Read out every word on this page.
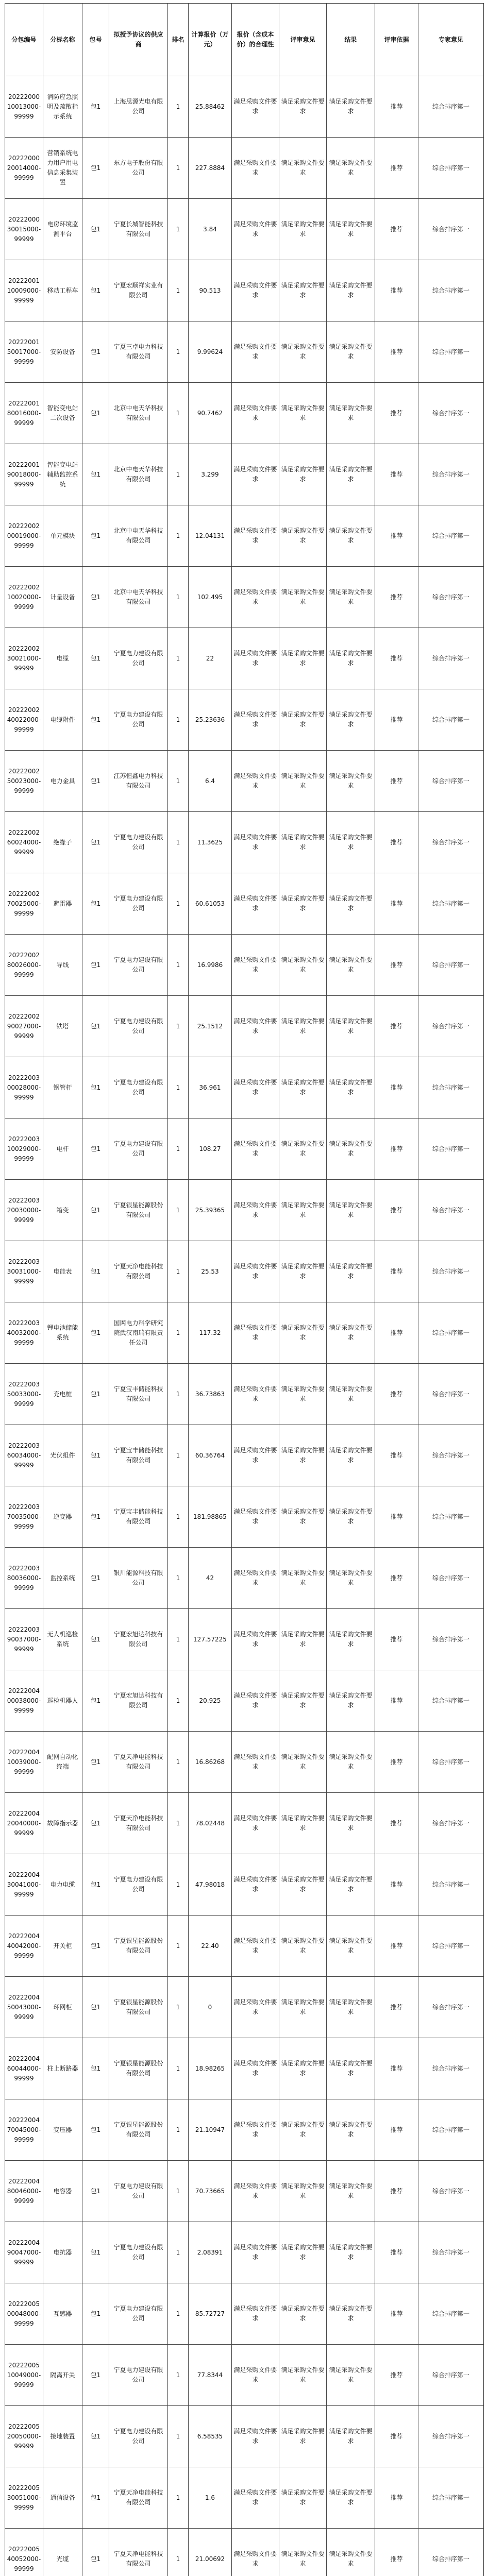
分包编号	分标名称	包号	拟授予协议的供应商	排名	计算报价（万元）	报价（含成本价）的合理性	评审意见	结果	评审依据	专家意见
2022200010013000-99999	消防应急照明及疏散指示系统	包1	上海思源光电有限公司	1	25.88462	满足采购文件要求	满足采购文件要求	满足采购文件要求	推荐	综合排序第一
2022200020014000-99999	营销系统电力用户用电信息采集装置	包1	东方电子股份有限公司	1	227.8884	满足采购文件要求	满足采购文件要求	满足采购文件要求	推荐	综合排序第一
2022200030015000-99999	电房环境监测平台	包1	宁夏长城智能科技有限公司	1	3.84	满足采购文件要求	满足采购文件要求	满足采购文件要求	推荐	综合排序第一
2022200110009000-99999	移动工程车	包1	宁夏宏顺祥实业有限公司	1	90.513	满足采购文件要求	满足采购文件要求	满足采购文件要求	推荐	综合排序第一
2022200150017000-99999	安防设备	包1	宁夏三卓电力科技有限公司	1	9.99624	满足采购文件要求	满足采购文件要求	满足采购文件要求	推荐	综合排序第一
2022200180016000-99999	智能变电站二次设备	包1	北京中电天华科技有限公司	1	90.7462	满足采购文件要求	满足采购文件要求	满足采购文件要求	推荐	综合排序第一
2022200190018000-99999	智能变电站辅助监控系统	包1	北京中电天华科技有限公司	1	3.299	满足采购文件要求	满足采购文件要求	满足采购文件要求	推荐	综合排序第一
2022200200019000-99999	单元模块	包1	北京中电天华科技有限公司	1	12.04131	满足采购文件要求	满足采购文件要求	满足采购文件要求	推荐	综合排序第一
2022200210020000-99999	计量设备	包1	北京中电天华科技有限公司	1	102.495	满足采购文件要求	满足采购文件要求	满足采购文件要求	推荐	综合排序第一
2022200230021000-99999	电缆	包1	宁夏电力建设有限公司	1	22	满足采购文件要求	满足采购文件要求	满足采购文件要求	推荐	综合排序第一
2022200240022000-99999	电缆附件	包1	宁夏电力建设有限公司	1	25.23636	满足采购文件要求	满足采购文件要求	满足采购文件要求	推荐	综合排序第一
2022200250023000-99999	电力金具	包1	江苏恒鑫电力科技有限公司	1	6.4	满足采购文件要求	满足采购文件要求	满足采购文件要求	推荐	综合排序第一
2022200260024000-99999	绝缘子	包1	宁夏电力建设有限公司	1	11.3625	满足采购文件要求	满足采购文件要求	满足采购文件要求	推荐	综合排序第一
2022200270025000-99999	避雷器	包1	宁夏电力建设有限公司	1	60.61053	满足采购文件要求	满足采购文件要求	满足采购文件要求	推荐	综合排序第一
2022200280026000-99999	导线	包1	宁夏电力建设有限公司	1	16.9986	满足采购文件要求	满足采购文件要求	满足采购文件要求	推荐	综合排序第一
2022200290027000-99999	铁塔	包1	宁夏电力建设有限公司	1	25.1512	满足采购文件要求	满足采购文件要求	满足采购文件要求	推荐	综合排序第一
2022200300028000-99999	钢管杆	包1	宁夏电力建设有限公司	1	36.961	满足采购文件要求	满足采购文件要求	满足采购文件要求	推荐	综合排序第一
2022200310029000-99999	电杆	包1	宁夏电力建设有限公司	1	108.27	满足采购文件要求	满足采购文件要求	满足采购文件要求	推荐	综合排序第一
2022200320030000-99999	箱变	包1	宁夏银星能源股份有限公司	1	25.39365	满足采购文件要求	满足采购文件要求	满足采购文件要求	推荐	综合排序第一
2022200330031000-99999	电能表	包1	宁夏天净电能科技有限公司	1	25.53	满足采购文件要求	满足采购文件要求	满足采购文件要求	推荐	综合排序第一
2022200340032000-99999	锂电池储能系统	包1	国网电力科学研究院武汉南瑞有限责任公司	1	117.32	满足采购文件要求	满足采购文件要求	满足采购文件要求	推荐	综合排序第一
2022200350033000-99999	充电桩	包1	宁夏宝丰储能科技有限公司	1	36.73863	满足采购文件要求	满足采购文件要求	满足采购文件要求	推荐	综合排序第一
2022200360034000-99999	光伏组件	包1	宁夏宝丰储能科技有限公司	1	60.36764	满足采购文件要求	满足采购文件要求	满足采购文件要求	推荐	综合排序第一
2022200370035000-99999	逆变器	包1	宁夏宝丰储能科技有限公司	1	181.98865	满足采购文件要求	满足采购文件要求	满足采购文件要求	推荐	综合排序第一
2022200380036000-99999	监控系统	包1	银川能源科技有限公司	1	42	满足采购文件要求	满足采购文件要求	满足采购文件要求	推荐	综合排序第一
2022200390037000-99999	无人机巡检系统	包1	宁夏宏旭达科技有限公司	1	127.57225	满足采购文件要求	满足采购文件要求	满足采购文件要求	推荐	综合排序第一
2022200400038000-99999	巡检机器人	包1	宁夏宏旭达科技有限公司	1	20.925	满足采购文件要求	满足采购文件要求	满足采购文件要求	推荐	综合排序第一
2022200410039000-99999	配网自动化终端	包1	宁夏天净电能科技有限公司	1	16.86268	满足采购文件要求	满足采购文件要求	满足采购文件要求	推荐	综合排序第一
2022200420040000-99999	故障指示器	包1	宁夏天净电能科技有限公司	1	78.02448	满足采购文件要求	满足采购文件要求	满足采购文件要求	推荐	综合排序第一
2022200430041000-99999	电力电缆	包1	宁夏电力建设有限公司	1	47.98018	满足采购文件要求	满足采购文件要求	满足采购文件要求	推荐	综合排序第一
2022200440042000-99999	开关柜	包1	宁夏银星能源股份有限公司	1	22.40	满足采购文件要求	满足采购文件要求	满足采购文件要求	推荐	综合排序第一
2022200450043000-99999	环网柜	包1	宁夏银星能源股份有限公司	1	0	满足采购文件要求	满足采购文件要求	满足采购文件要求	推荐	综合排序第一
2022200460044000-99999	柱上断路器	包1	宁夏银星能源股份有限公司	1	18.98265	满足采购文件要求	满足采购文件要求	满足采购文件要求	推荐	综合排序第一
2022200470045000-99999	变压器	包1	宁夏银星能源股份有限公司	1	21.10947	满足采购文件要求	满足采购文件要求	满足采购文件要求	推荐	综合排序第一
2022200480046000-99999	电容器	包1	宁夏电力建设有限公司	1	70.73665	满足采购文件要求	满足采购文件要求	满足采购文件要求	推荐	综合排序第一
2022200490047000-99999	电抗器	包1	宁夏电力建设有限公司	1	2.08391	满足采购文件要求	满足采购文件要求	满足采购文件要求	推荐	综合排序第一
2022200500048000-99999	互感器	包1	宁夏电力建设有限公司	1	85.72727	满足采购文件要求	满足采购文件要求	满足采购文件要求	推荐	综合排序第一
2022200510049000-99999	隔离开关	包1	宁夏电力建设有限公司	1	77.8344	满足采购文件要求	满足采购文件要求	满足采购文件要求	推荐	综合排序第一
2022200520050000-99999	接地装置	包1	宁夏电力建设有限公司	1	6.58535	满足采购文件要求	满足采购文件要求	满足采购文件要求	推荐	综合排序第一
2022200530051000-99999	通信设备	包1	宁夏天净电能科技有限公司	1	1.6	满足采购文件要求	满足采购文件要求	满足采购文件要求	推荐	综合排序第一
2022200540052000-99999	光缆	包1	宁夏天净电能科技有限公司	1	21.00692	满足采购文件要求	满足采购文件要求	满足采购文件要求	推荐	综合排序第一
